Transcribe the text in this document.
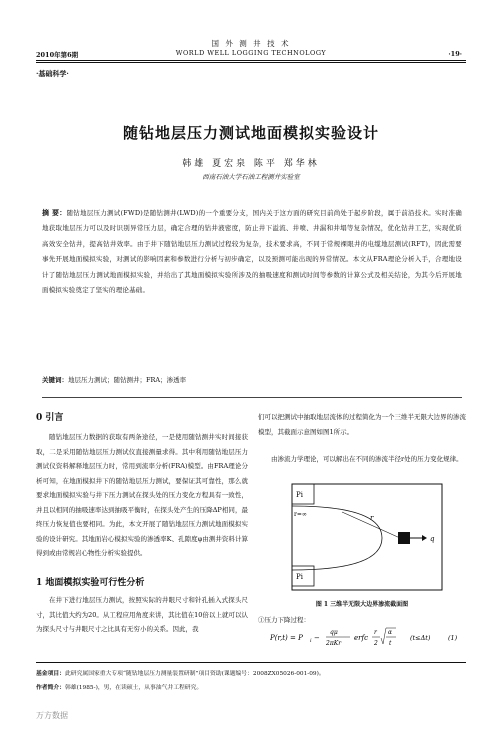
国 外 测 井 技 术
WORLD WELL LOGGING TECHNOLOGY
2010年第6期	·19·
·基础科学·
随钻地层压力测试地面模拟实验设计
韩雄 夏宏泉 陈平 郑华林
西南石油大学石油工程测井实验室
摘 要：随钻地层压力测试(FWD)是随钻测井(LWD)的一个重要分支，国内关于这方面的研究目前尚处于起步阶段，属于前沿技术。实时准确地获取地层压力可以及时识别异常压力层，确定合理的钻井液密度，防止井下溢流、井喷、井漏和井塌等复杂情况，优化钻井工艺，实现优质高效安全钻井，提高钻井效率。由于井下随钻地层压力测试过程较为复杂，技术要求高，不同于常规裸眼井的电缆地层测试(RFT)，因此需要事先开展地面模拟实验，对测试的影响因素和参数进行分析与初步确定，以及预测可能出现的异常情况。本文从FRA理论分析入手，合理地设计了随钻地层压力测试地面模拟实验，并给出了其地面模拟实验所涉及的抽吸速度和测试时间等参数的计算公式及相关结论，为其今后开展地面模拟实验奠定了坚实的理论基础。
关键词：地层压力测试；随钻测井；FRA；渗透率
0 引言
随钻地层压力数据的获取有两条途径，一是使用随钻测井实时间接获取，二是采用随钻地层压力测试仪直接测量求得。其中利用随钻地层压力测试仪资料解释地层压力时，常用到流率分析(FRA)模型。由FRA理论分析可知，在地面模拟井下的随钻地层压力测试，要保证其可靠性，那么就要求地面模拟实验与井下压力测试在探头处的压力变化方程具有一致性，并且以相同的抽吸速率达到抽吸平衡时，在探头处产生的压降ΔP相同，最终压力恢复值也要相同。为此，本文开展了随钻地层压力测试地面模拟实验的设计研究。其地面岩心模拟实验的渗透率K、孔隙度φ由测井资料计算得到或由常规岩心物性分析实验提供。
1 地面模拟实验可行性分析
在井下进行地层压力测试，按照实际的井眼尺寸和针孔插入式探头尺寸，其比值大约为20。从工程应用角度来讲，其比值在10倍以上就可以认为探头尺寸与井眼尺寸之比具有无穷小的关系。因此，我
们可以把测试中抽取地层流体的过程简化为一个三维半无限大边界的渗流模型，其截面示意图如图1所示。
由渗流力学理论，可以解出在不同的渗流半径r处的压力变化规律。
Pi
r=∞	r
q
Pi
图 1 三维半无限大边界渗流截面图
①压力下降过程：
P(r,t) = P i −
qμ
2πKr
erfc
r
2
α
t
(t≤Δt)	(1)
基金项目：此研究属国家重大专项“随钻地层压力测量装置研制”项目资助(课题编号：2008ZX05026-001-09)。
作者简介：韩雄(1985-)，男，在读硕士，从事油气井工程研究。
万方数据
